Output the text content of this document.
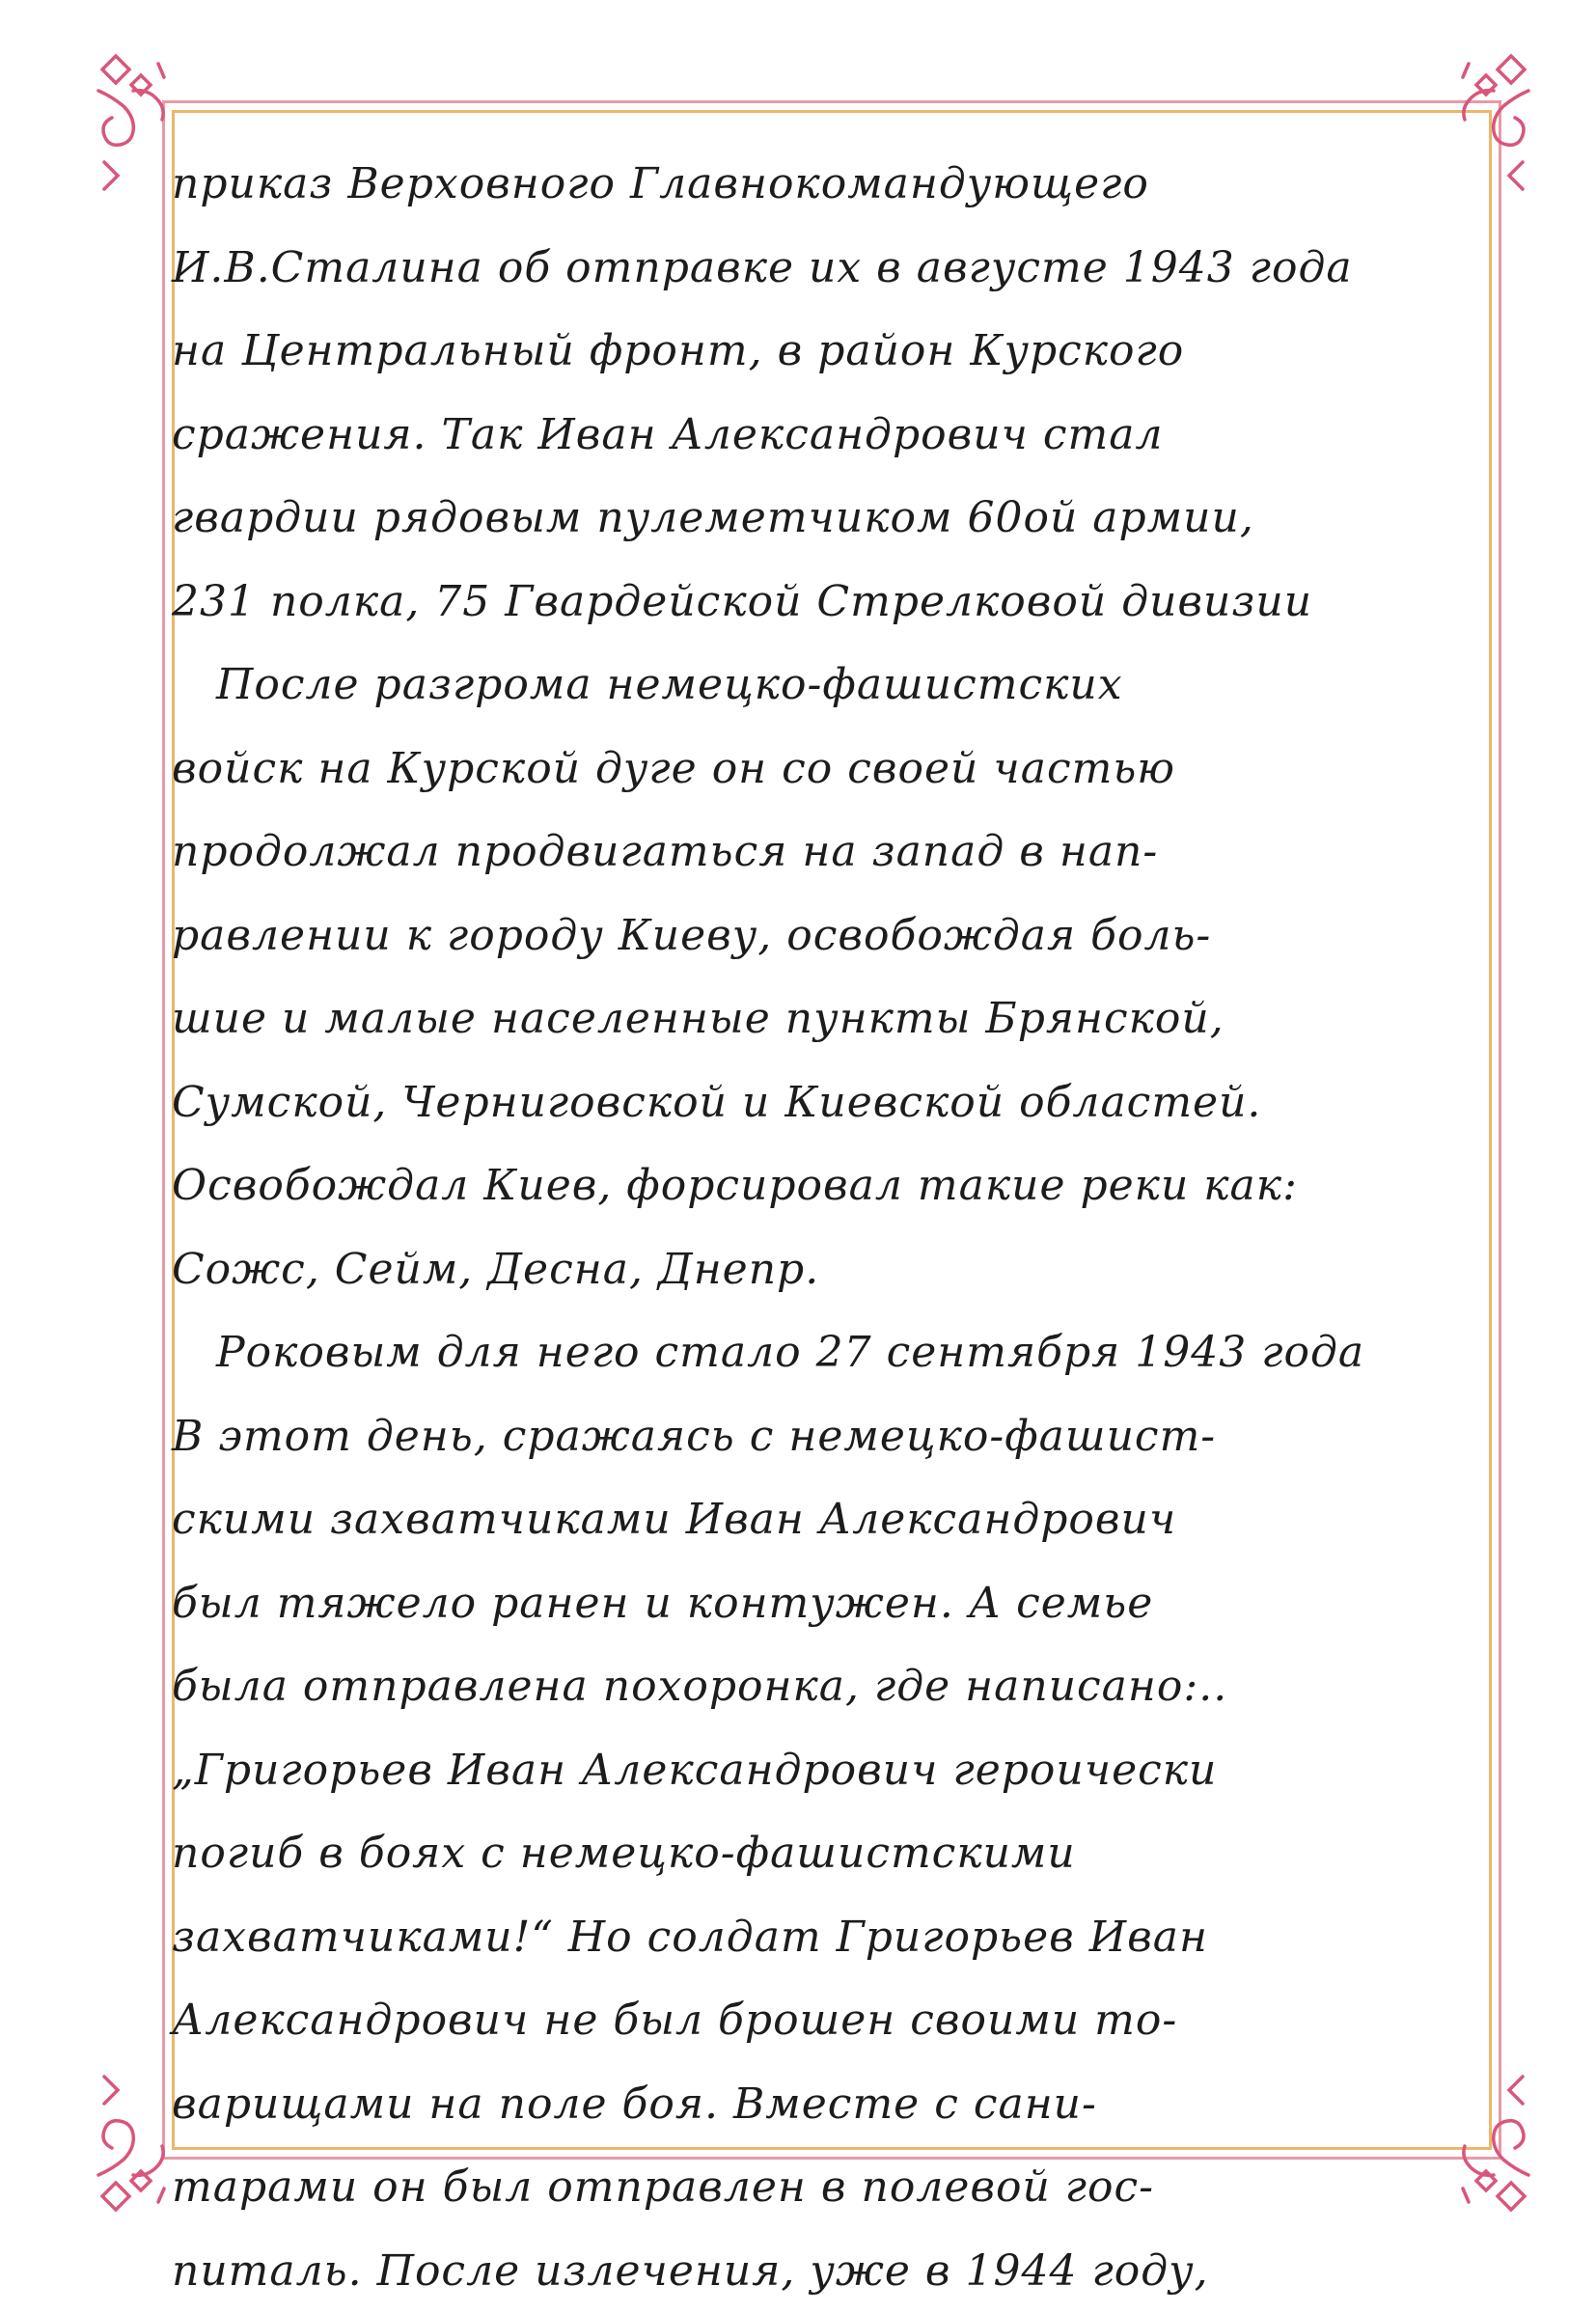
приказ Верховного Главнокомандующего
И.В.Сталина об отправке их в августе 1943 года
на Центральный фронт, в район Курского
сражения. Так Иван Александрович стал
гвардии рядовым пулеметчиком 60ой армии,
231 полка, 75 Гвардейской Стрелковой дивизии
После разгрома немецко-фашистских
войск на Курской дуге он со своей частью
продолжал продвигаться на запад в нап-
равлении к городу Киеву, освобождая боль-
шие и малые населенные пункты Брянской,
Сумской, Черниговской и Киевской областей.
Освобождал Киев, форсировал такие реки как:
Сожс, Сейм, Десна, Днепр.
Роковым для него стало 27 сентября 1943 года
В этот день, сражаясь с немецко-фашист-
скими захватчиками Иван Александрович
был тяжело ранен и контужен. А семье
была отправлена похоронка, где написано:..
„Григорьев Иван Александрович героически
погиб в боях с немецко-фашистскими
захватчиками!“ Но солдат Григорьев Иван
Александрович не был брошен своими то-
варищами на поле боя. Вместе с сани-
тарами он был отправлен в полевой гос-
питаль. После излечения, уже в 1944 году,
